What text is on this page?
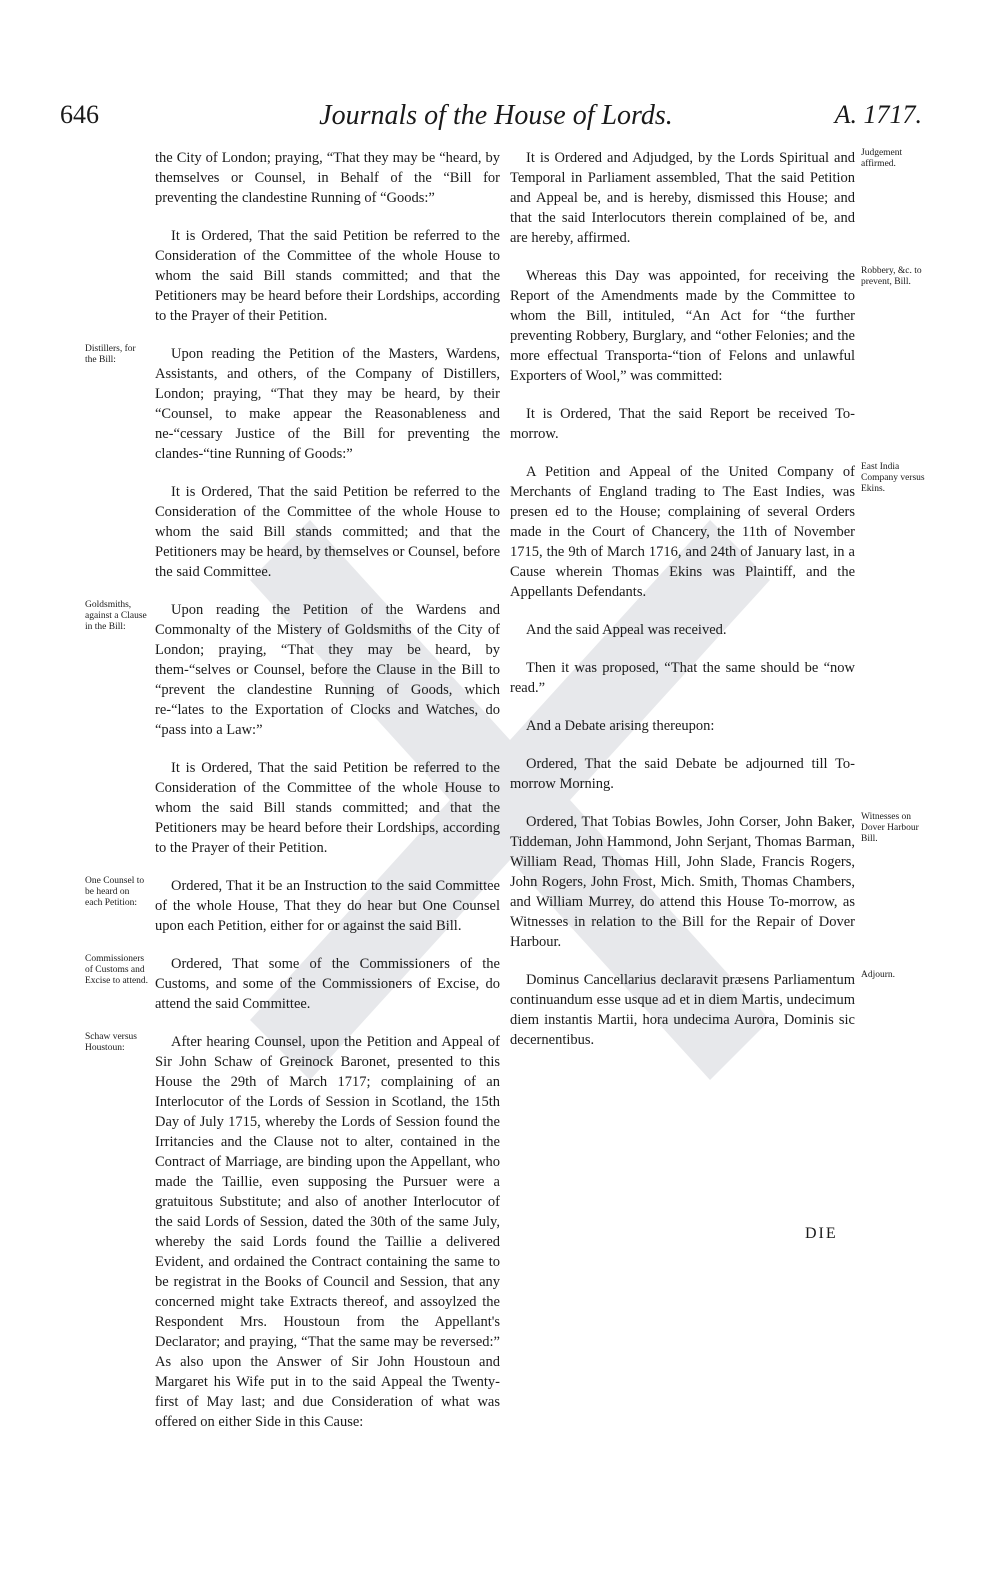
646	Journals of the House of Lords.	A. 1717.

the City of London; praying, “That they may be “heard, by themselves or Counsel, in Behalf of the “Bill for preventing the clandestine Running of “Goods:”

It is Ordered, That the said Petition be referred to the Consideration of the Committee of the whole House to whom the said Bill stands committed; and that the Petitioners may be heard before their Lordships, according to the Prayer of their Petition.

Distillers, for the Bill:	Upon reading the Petition of the Masters, Wardens, Assistants, and others, of the Company of Distillers, London; praying, “That they may be heard, by their “Counsel, to make appear the Reasonableness and ne-“cessary Justice of the Bill for preventing the clandes-“tine Running of Goods:”

It is Ordered, That the said Petition be referred to the Consideration of the Committee of the whole House to whom the said Bill stands committed; and that the Petitioners may be heard, by themselves or Counsel, before the said Committee.

Goldsmiths, against a Clause in the Bill:

Upon reading the Petition of the Wardens and Commonalty of the Mistery of Goldsmiths of the City of London; praying, “That they may be heard, by them-“selves or Counsel, before the Clause in the Bill to “prevent the clandestine Running of Goods, which re-“lates to the Exportation of Clocks and Watches, do “pass into a Law:”

It is Ordered, That the said Petition be referred to the Consideration of the Committee of the whole House to whom the said Bill stands committed; and that the Petitioners may be heard before their Lordships, according to the Prayer of their Petition.

One Counsel to be heard on each Petition:

Ordered, That it be an Instruction to the said Committee of the whole House, That they do hear but One Counsel upon each Petition, either for or against the said Bill.

Commissioners of Customs and Excise to attend.

Ordered, That some of the Commissioners of the Customs, and some of the Commissioners of Excise, do attend the said Committee.

Schaw versus Houstoun:	After hearing Counsel, upon the Petition and Appeal of Sir John Schaw of Greinock Baronet, presented to this House the 29th of March 1717; complaining of an Interlocutor of the Lords of Session in Scotland, the 15th Day of July 1715, whereby the Lords of Session found the Irritancies and the Clause not to alter, contained in the Contract of Marriage, are binding upon the Appellant, who made the Taillie, even supposing the Pursuer were a gratuitous Substitute; and also of another Interlocutor of the said Lords of Session, dated the 30th of the same July, whereby the said Lords found the Taillie a delivered Evident, and ordained the Contract containing the same to be registrat in the Books of Council and Session, that any concerned might take Extracts thereof, and assoylzed the Respondent Mrs. Houstoun from the Appellant's Declarator; and praying, “That the same may be reversed:” As also upon the Answer of Sir John Houstoun and Margaret his Wife put in to the said Appeal the Twenty-first of May last; and due Consideration of what was offered on either Side in this Cause:

Judgement affirmed.

It is Ordered and Adjudged, by the Lords Spiritual and Temporal in Parliament assembled, That the said Petition and Appeal be, and is hereby, dismissed this House; and that the said Interlocutors therein complained of be, and are hereby, affirmed.

Robbery, &c. to prevent, Bill.

Whereas this Day was appointed, for receiving the Report of the Amendments made by the Committee to whom the Bill, intituled, “An Act for “the further preventing Robbery, Burglary, and “other Felonies; and the more effectual Transporta-“tion of Felons and unlawful Exporters of Wool,” was committed:

It is Ordered, That the said Report be received To-morrow.

East India Company versus Ekins.

A Petition and Appeal of the United Company of Merchants of England trading to The East Indies, was presen ed to the House; complaining of several Orders made in the Court of Chancery, the 11th of November 1715, the 9th of March 1716, and 24th of January last, in a Cause wherein Thomas Ekins was Plaintiff, and the Appellants Defendants.

And the said Appeal was received.

Then it was proposed, “That the same should be “now read.”

And a Debate arising thereupon:

Ordered, That the said Debate be adjourned till To-morrow Morning.

Witnesses on Dover Harbour Bill.

Ordered, That Tobias Bowles, John Corser, John Baker, Tiddeman, John Hammond, John Serjant, Thomas Barman, William Read, Thomas Hill, John Slade, Francis Rogers, John Rogers, John Frost, Mich. Smith, Thomas Chambers, and William Murrey, do attend this House To-morrow, as Witnesses in relation to the Bill for the Repair of Dover Harbour.

Adjourn.

Dominus Cancellarius declaravit præsens Parliamentum continuandum esse usque ad et in diem Martis, undecimum diem instantis Martii, hora undecima Aurora, Dominis sic decernentibus.

DIE
